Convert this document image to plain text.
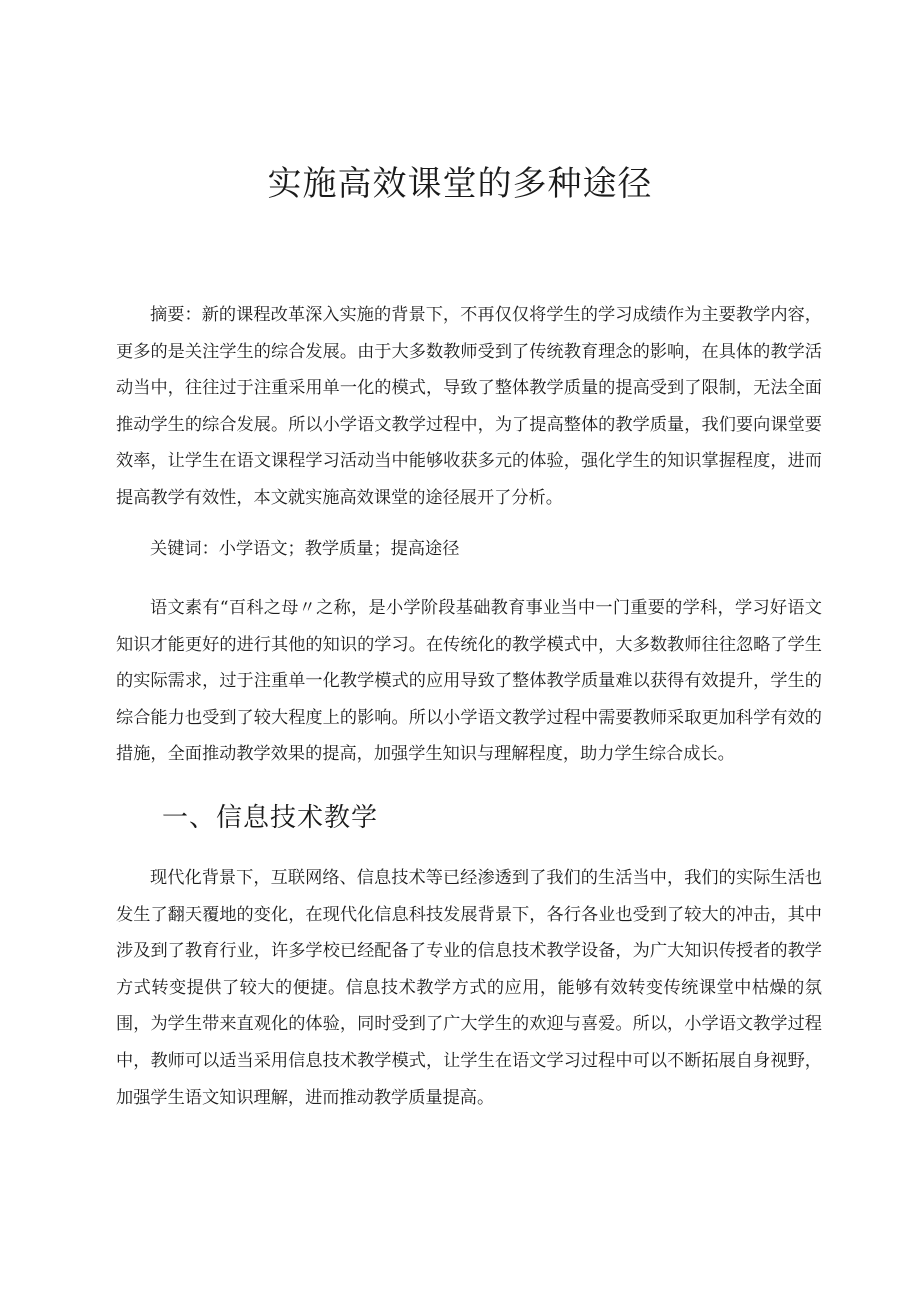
实施高效课堂的多种途径

摘要：新的课程改革深入实施的背景下，不再仅仅将学生的学习成绩作为主要教学内容，更多的是关注学生的综合发展。由于大多数教师受到了传统教育理念的影响，在具体的教学活动当中，往往过于注重采用单一化的模式，导致了整体教学质量的提高受到了限制，无法全面推动学生的综合发展。所以小学语文教学过程中，为了提高整体的教学质量，我们要向课堂要效率，让学生在语文课程学习活动当中能够收获多元的体验，强化学生的知识掌握程度，进而提高教学有效性，本文就实施高效课堂的途径展开了分析。

关键词：小学语文；教学质量；提高途径

语文素有“百科之母〃之称，是小学阶段基础教育事业当中一门重要的学科，学习好语文知识才能更好的进行其他的知识的学习。在传统化的教学模式中，大多数教师往往忽略了学生的实际需求，过于注重单一化教学模式的应用导致了整体教学质量难以获得有效提升，学生的综合能力也受到了较大程度上的影响。所以小学语文教学过程中需要教师采取更加科学有效的措施，全面推动教学效果的提高，加强学生知识与理解程度，助力学生综合成长。

一、信息技术教学

现代化背景下，互联网络、信息技术等已经渗透到了我们的生活当中，我们的实际生活也发生了翻天覆地的变化，在现代化信息科技发展背景下，各行各业也受到了较大的冲击，其中涉及到了教育行业，许多学校已经配备了专业的信息技术教学设备，为广大知识传授者的教学方式转变提供了较大的便捷。信息技术教学方式的应用，能够有效转变传统课堂中枯燥的氛围，为学生带来直观化的体验，同时受到了广大学生的欢迎与喜爱。所以，小学语文教学过程中，教师可以适当采用信息技术教学模式，让学生在语文学习过程中可以不断拓展自身视野，加强学生语文知识理解，进而推动教学质量提高。
